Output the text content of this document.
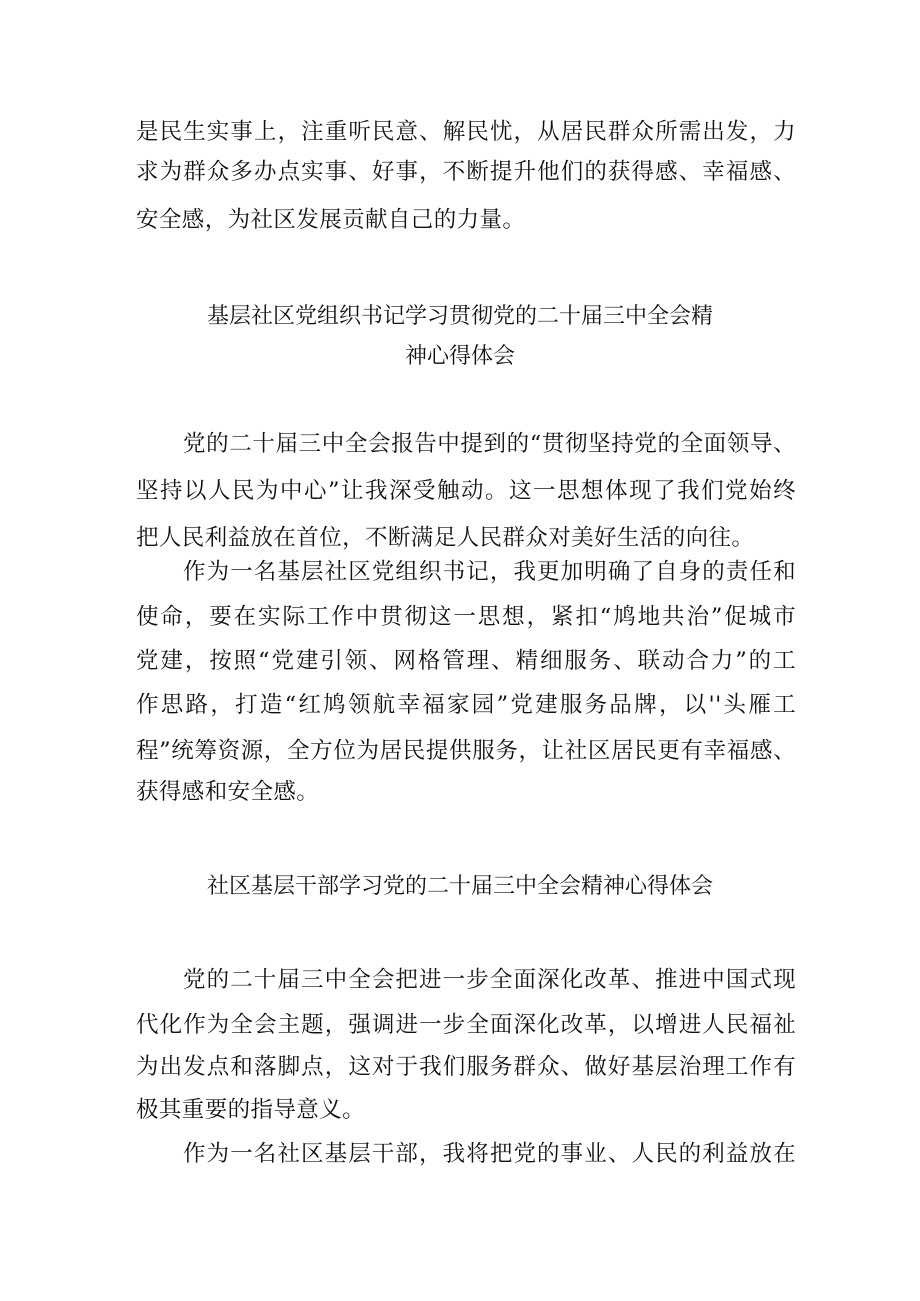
是民生实事上，注重听民意、解民忧，从居民群众所需出发，力
求为群众多办点实事、好事，不断提升他们的获得感、幸福感、
安全感，为社区发展贡献自己的力量。
基层社区党组织书记学习贯彻党的二十届三中全会精
神心得体会
党的二十届三中全会报告中提到的“贯彻坚持党的全面领导、
坚持以人民为中心”让我深受触动。这一思想体现了我们党始终
把人民利益放在首位，不断满足人民群众对美好生活的向往。
作为一名基层社区党组织书记，我更加明确了自身的责任和
使命，要在实际工作中贯彻这一思想，紧扣“鸠地共治”促城市
党建，按照“党建引领、网格管理、精细服务、联动合力”的工
作思路，打造“红鸠领航幸福家园”党建服务品牌，以''头雁工
程”统筹资源，全方位为居民提供服务，让社区居民更有幸福感、
获得感和安全感。
社区基层干部学习党的二十届三中全会精神心得体会
党的二十届三中全会把进一步全面深化改革、推进中国式现
代化作为全会主题，强调进一步全面深化改革，以增进人民福祉
为出发点和落脚点，这对于我们服务群众、做好基层治理工作有
极其重要的指导意义。
作为一名社区基层干部，我将把党的事业、人民的利益放在
